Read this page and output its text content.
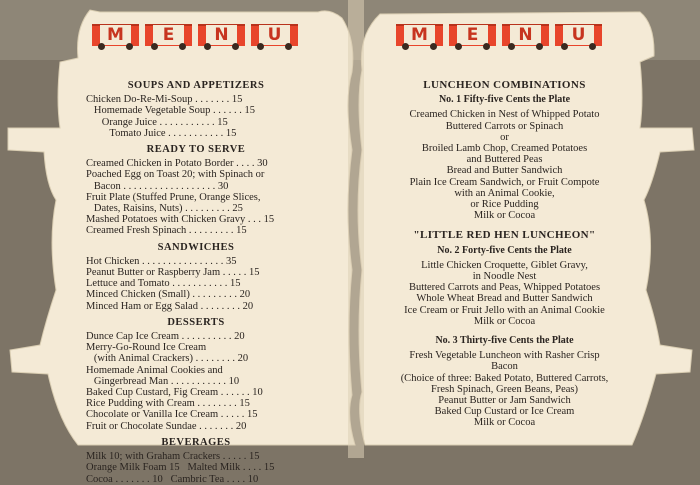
M	E	N	U	M	E	N	U
SOUPS AND APPETIZERS
Chicken Do-Re-Mi-Soup . . . . . . . 15
Homemade Vegetable Soup . . . . . . 15
Orange Juice . . . . . . . . . . . 15
Tomato Juice . . . . . . . . . . . 15
READY TO SERVE
Creamed Chicken in Potato Border . . . . 30
Poached Egg on Toast 20; with Spinach or
Bacon . . . . . . . . . . . . . . . . . . 30
Fruit Plate (Stuffed Prune, Orange Slices,
Dates, Raisins, Nuts) . . . . . . . . . 25
Mashed Potatoes with Chicken Gravy . . . 15
Creamed Fresh Spinach . . . . . . . . . 15
SANDWICHES
Hot Chicken . . . . . . . . . . . . . . . . 35
Peanut Butter or Raspberry Jam . . . . . 15
Lettuce and Tomato . . . . . . . . . . . 15
Minced Chicken (Small) . . . . . . . . . 20
Minced Ham or Egg Salad . . . . . . . . 20
DESSERTS
Dunce Cap Ice Cream . . . . . . . . . . 20
Merry-Go-Round Ice Cream
(with Animal Crackers) . . . . . . . . 20
Homemade Animal Cookies and
Gingerbread Man . . . . . . . . . . . 10
Baked Cup Custard, Fig Cream . . . . . . 10
Rice Pudding with Cream . . . . . . . . 15
Chocolate or Vanilla Ice Cream . . . . . 15
Fruit or Chocolate Sundae . . . . . . . 20
BEVERAGES
Milk 10; with Graham Crackers . . . . . 15
Orange Milk Foam 15   Malted Milk . . . . 15
Cocoa . . . . . . . 10   Cambric Tea . . . . 10
LUNCHEON COMBINATIONS
No. 1 Fifty-five Cents the Plate
Creamed Chicken in Nest of Whipped Potato
Buttered Carrots or Spinach
or
Broiled Lamb Chop, Creamed Potatoes
and Buttered Peas
Bread and Butter Sandwich
Plain Ice Cream Sandwich, or Fruit Compote
with an Animal Cookie,
or Rice Pudding
Milk or Cocoa
"LITTLE RED HEN LUNCHEON"
No. 2 Forty-five Cents the Plate
Little Chicken Croquette, Giblet Gravy,
in Noodle Nest
Buttered Carrots and Peas, Whipped Potatoes
Whole Wheat Bread and Butter Sandwich
Ice Cream or Fruit Jello with an Animal Cookie
Milk or Cocoa
No. 3 Thirty-five Cents the Plate
Fresh Vegetable Luncheon with Rasher Crisp
Bacon
(Choice of three: Baked Potato, Buttered Carrots,
Fresh Spinach, Green Beans, Peas)
Peanut Butter or Jam Sandwich
Baked Cup Custard or Ice Cream
Milk or Cocoa
